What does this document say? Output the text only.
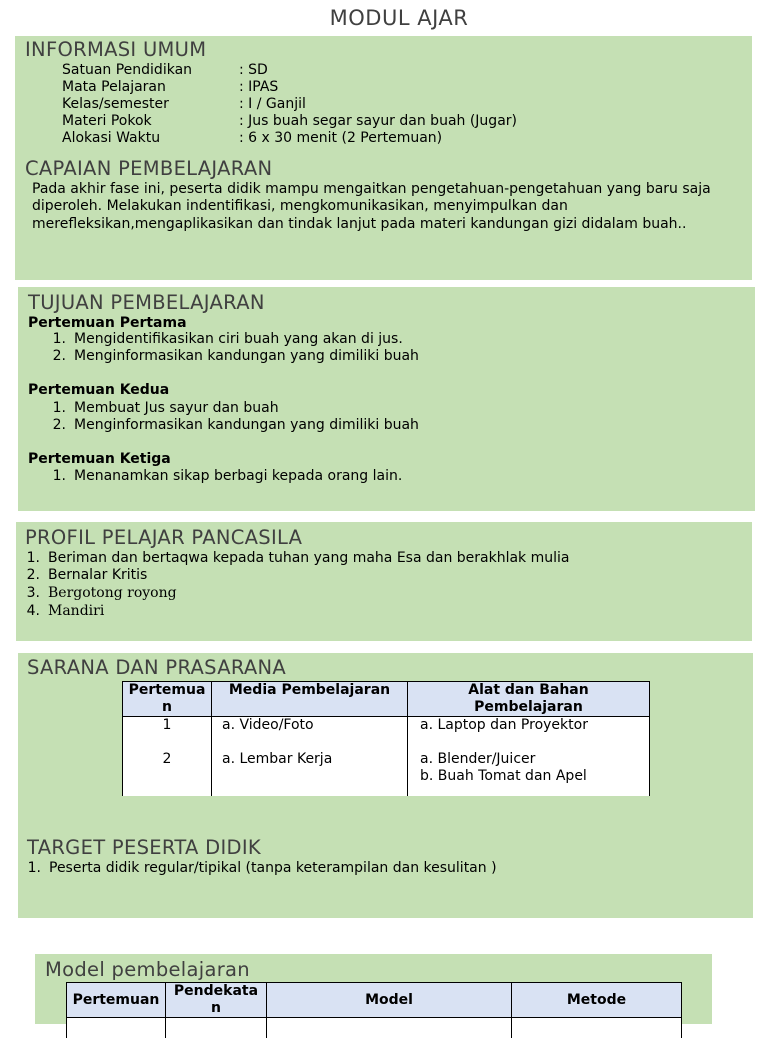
MODUL AJAR
INFORMASI UMUM
Satuan Pendidikan	: SD
Mata Pelajaran	: IPAS
Kelas/semester	: I / Ganjil
Materi Pokok	: Jus buah segar sayur dan buah (Jugar)
Alokasi Waktu	: 6 x 30 menit (2 Pertemuan)
CAPAIAN PEMBELAJARAN
Pada akhir fase ini, peserta didik mampu mengaitkan pengetahuan-pengetahuan yang baru saja diperoleh. Melakukan indentifikasi, mengkomunikasikan, menyimpulkan dan merefleksikan,mengaplikasikan dan tindak lanjut pada materi kandungan gizi didalam buah..
TUJUAN PEMBELAJARAN
Pertemuan Pertama
1. Mengidentifikasikan ciri buah yang akan di jus.
2. Menginformasikan kandungan yang dimiliki buah
Pertemuan Kedua
1. Membuat Jus sayur dan buah
2. Menginformasikan kandungan yang dimiliki buah
Pertemuan Ketiga
1. Menanamkan sikap berbagi kepada orang lain.
PROFIL PELAJAR PANCASILA
1. Beriman dan bertaqwa kepada tuhan yang maha Esa dan berakhlak mulia
2. Bernalar Kritis
3. Bergotong royong
4. Mandiri
SARANA DAN PRASARANA
Pertemuan	Media Pembelajaran	Alat dan Bahan Pembelajaran
1	a. Video/Foto	a. Laptop dan Proyektor
2	a. Lembar Kerja	a. Blender/Juicer
b. Buah Tomat dan Apel
TARGET PESERTA DIDIK
1. Peserta didik regular/tipikal (tanpa keterampilan dan kesulitan )
Model pembelajaran
Pertemuan	Pendekatan	Model	Metode
